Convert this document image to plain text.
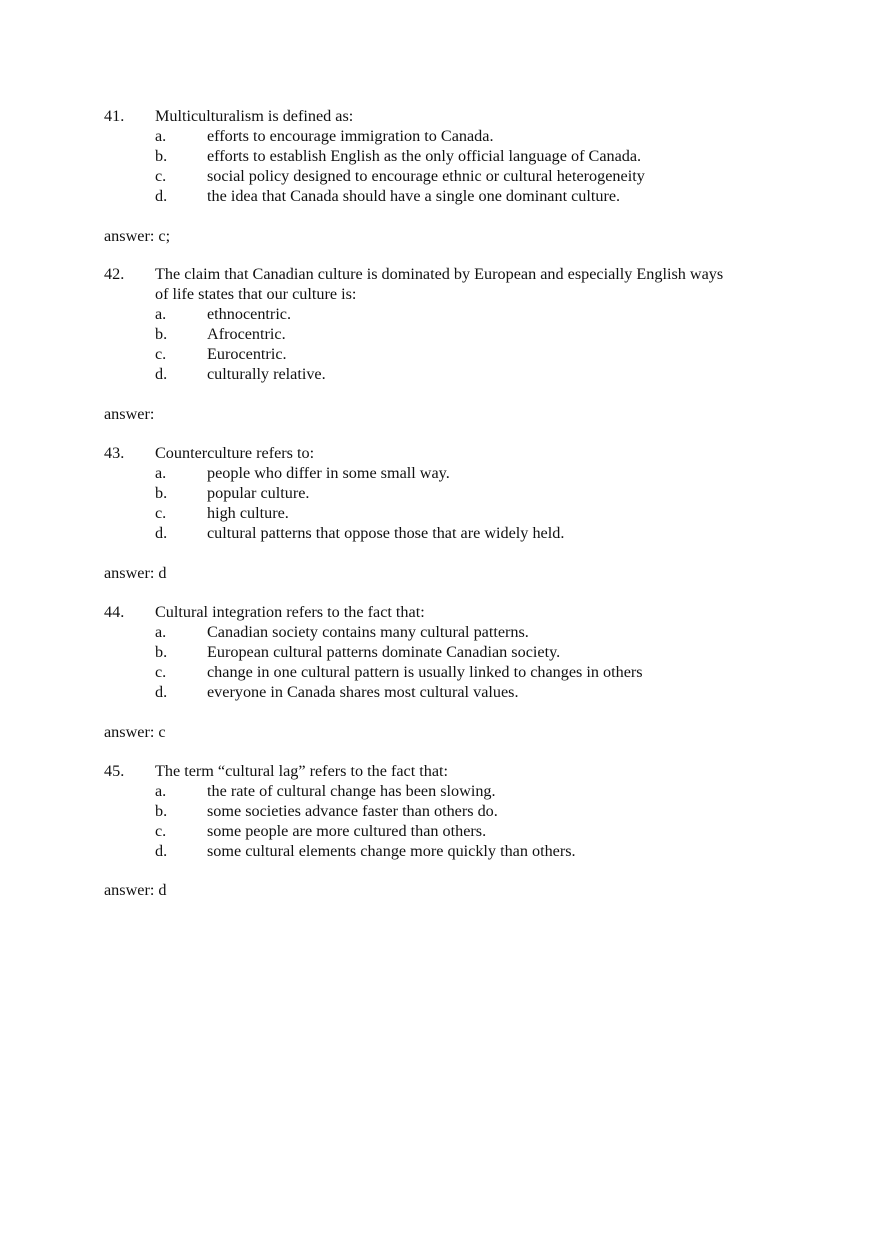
41. Multiculturalism is defined as:
a.	efforts to encourage immigration to Canada.
b. efforts to establish English as the only official language of Canada.
c.	social policy designed to encourage ethnic or cultural heterogeneity
d. the idea that Canada should have a single one dominant culture.
answer: c;
42. The claim that Canadian culture is dominated by European and especially English ways
of life states that our culture is:
a.	ethnocentric.
b. Afrocentric.
c.	Eurocentric.
d. culturally relative.
answer:
43. Counterculture refers to:
a.	people who differ in some small way.
b. popular culture.
c.	high culture.
d. cultural patterns that oppose those that are widely held.
answer: d
44. Cultural integration refers to the fact that:
a.	Canadian society contains many cultural patterns.
b. European cultural patterns dominate Canadian society.
c.	change in one cultural pattern is usually linked to changes in others
d. everyone in Canada shares most cultural values.
answer: c
45. The term “cultural lag” refers to the fact that:
a.	the rate of cultural change has been slowing.
b. some societies advance faster than others do.
c.	some people are more cultured than others.
d. some cultural elements change more quickly than others.
answer: d
